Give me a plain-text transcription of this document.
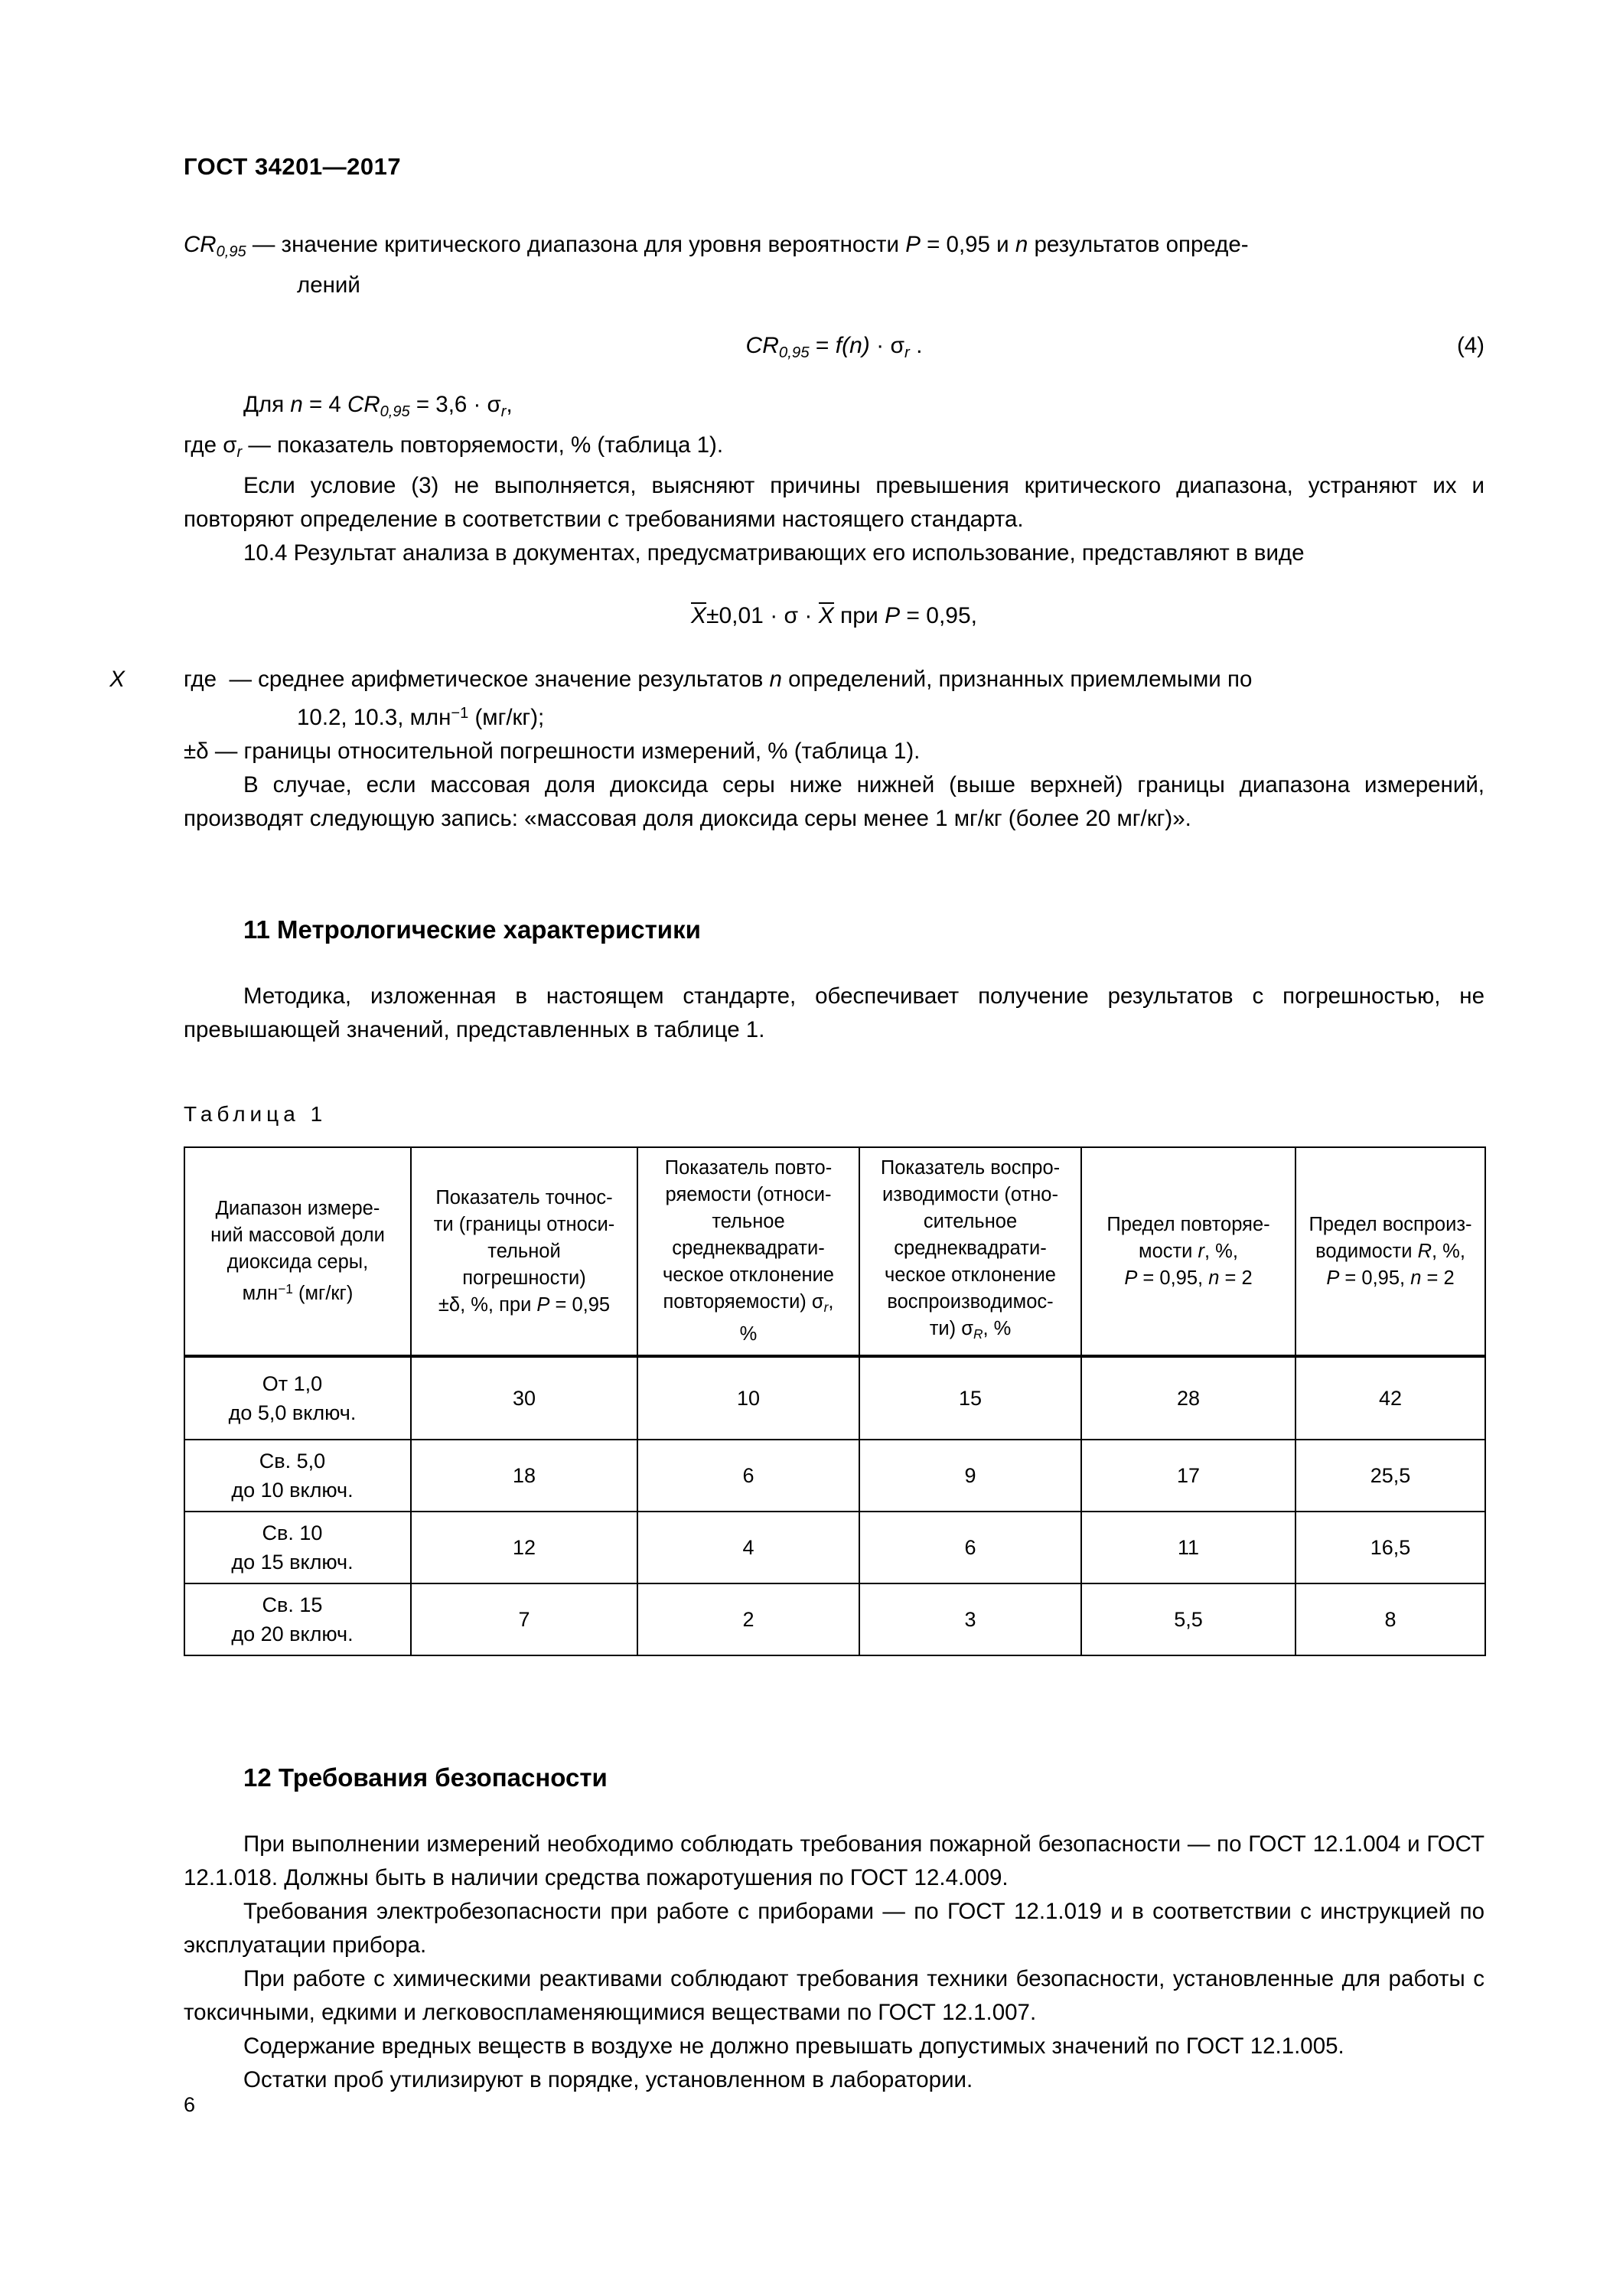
ГОСТ 34201—2017

$CR_{0,95}$ — значение критического диапазона для уровня вероятности P = 0,95 и n результатов опреде-
лений

$CR_{0,95} = f(n) \cdot \sigma_r$ .	(4)

Для n = 4 $CR_{0,95} = 3,6 \cdot \sigma_r$,

где $\sigma_r$ — показатель повторяемости, % (таблица 1).

Если условие (3) не выполняется, выясняют причины превышения критического диапазона, устраняют их и повторяют определение в соответствии с требованиями настоящего стандарта.

10.4 Результат анализа в документах, предусматривающих его использование, представляют в виде

X±0,01 · σ · X при P = 0,95,

где X	— среднее арифметическое значение результатов n определений, признанных приемлемыми по
10.2, 10.3, млн$^{-1}$ (мг/кг);

±δ — границы относительной погрешности измерений, % (таблица 1).

В случае, если массовая доля диоксида серы ниже нижней (выше верхней) границы диапазона измерений, производят следующую запись: «массовая доля диоксида серы менее 1 мг/кг (более 20 мг/кг)».

11 Метрологические характеристики

Методика, изложенная в настоящем стандарте, обеспечивает получение результатов с погрешностью, не превышающей значений, представленных в таблице 1.

Таблица 1

Диапазон измере-
ний массовой доли
диоксида серы,
млн$^{-1}$ (мг/кг)	Показатель точнос-
ти (границы относи-
тельной
погрешности)
±δ, %, при P = 0,95	Показатель повто-
ряемости (относи-
тельное
среднеквадрати-
ческое отклонение
повторяемости) $\sigma_r$,
%	Показатель воспро-
изводимости (отно-
сительное
среднеквадрати-
ческое отклонение
воспроизводимос-
ти) $\sigma_R$, %	Предел повторяе-
мости r, %,
P = 0,95, n = 2	Предел воспроиз-
водимости R, %,
P = 0,95, n = 2
От 1,0
до 5,0 включ.	30	10	15	28	42
Св. 5,0
до 10 включ.	18	6	9	17	25,5
Св. 10
до 15 включ.	12	4	6	11	16,5
Св. 15
до 20 включ.	7	2	3	5,5	8
12 Требования безопасности

При выполнении измерений необходимо соблюдать требования пожарной безопасности — по ГОСТ 12.1.004 и ГОСТ 12.1.018. Должны быть в наличии средства пожаротушения по ГОСТ 12.4.009.

Требования электробезопасности при работе с приборами — по ГОСТ 12.1.019 и в соответствии с инструкцией по эксплуатации прибора.

При работе с химическими реактивами соблюдают требования техники безопасности, установленные для работы с токсичными, едкими и легковоспламеняющимися веществами по ГОСТ 12.1.007.

Содержание вредных веществ в воздухе не должно превышать допустимых значений по ГОСТ 12.1.005.

Остатки проб утилизируют в порядке, установленном в лаборатории.

6
